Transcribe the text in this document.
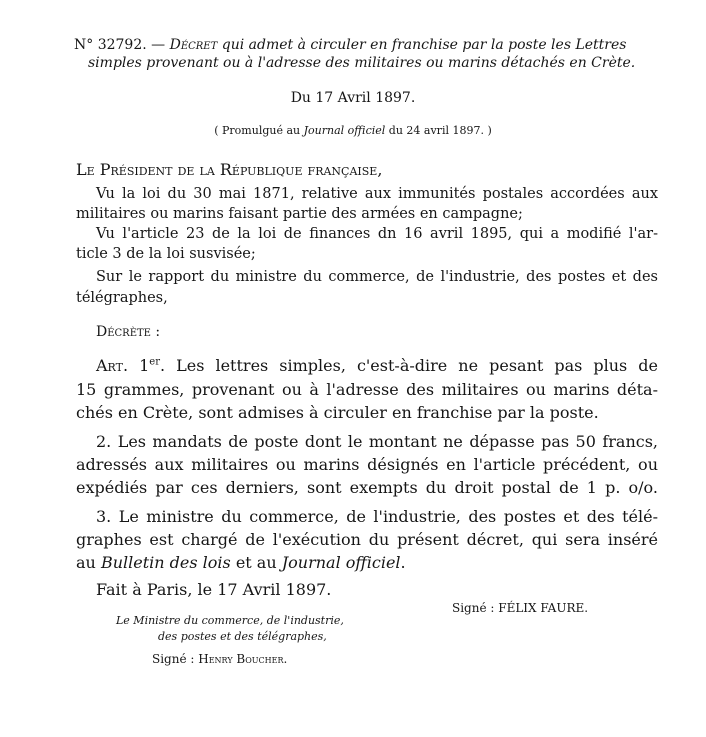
N° 32792. — Décret qui admet à circuler en franchise par la poste les Lettres
simples provenant ou à l'adresse des militaires ou marins détachés en Crète.
Du 17 Avril 1897.
( Promulgué au Journal officiel du 24 avril 1897. )
Le Président de la République française,
Vu la loi du 30 mai 1871, relative aux immunités postales accordées aux
militaires ou marins faisant partie des armées en campagne;
Vu l'article 23 de la loi de finances dn 16 avril 1895, qui a modifié l'ar-
ticle 3 de la loi susvisée;
Sur le rapport du ministre du commerce, de l'industrie, des postes et des
télégraphes,
Décrète :
Art. 1er. Les lettres simples, c'est-à-dire ne pesant pas plus de
15 grammes, provenant ou à l'adresse des militaires ou marins déta-
chés en Crète, sont admises à circuler en franchise par la poste.
2. Les mandats de poste dont le montant ne dépasse pas 50 francs,
adressés aux militaires ou marins désignés en l'article précédent, ou
expédiés par ces derniers, sont exempts du droit postal de 1 p. o/o.
3. Le ministre du commerce, de l'industrie, des postes et des télé-
graphes est chargé de l'exécution du présent décret, qui sera inséré
au Bulletin des lois et au Journal officiel.
Fait à Paris, le 17 Avril 1897.
Signé : FÉLIX FAURE.
Le Ministre du commerce, de l'industrie,
des postes et des télégraphes,
Signé : Henry Boucher.
